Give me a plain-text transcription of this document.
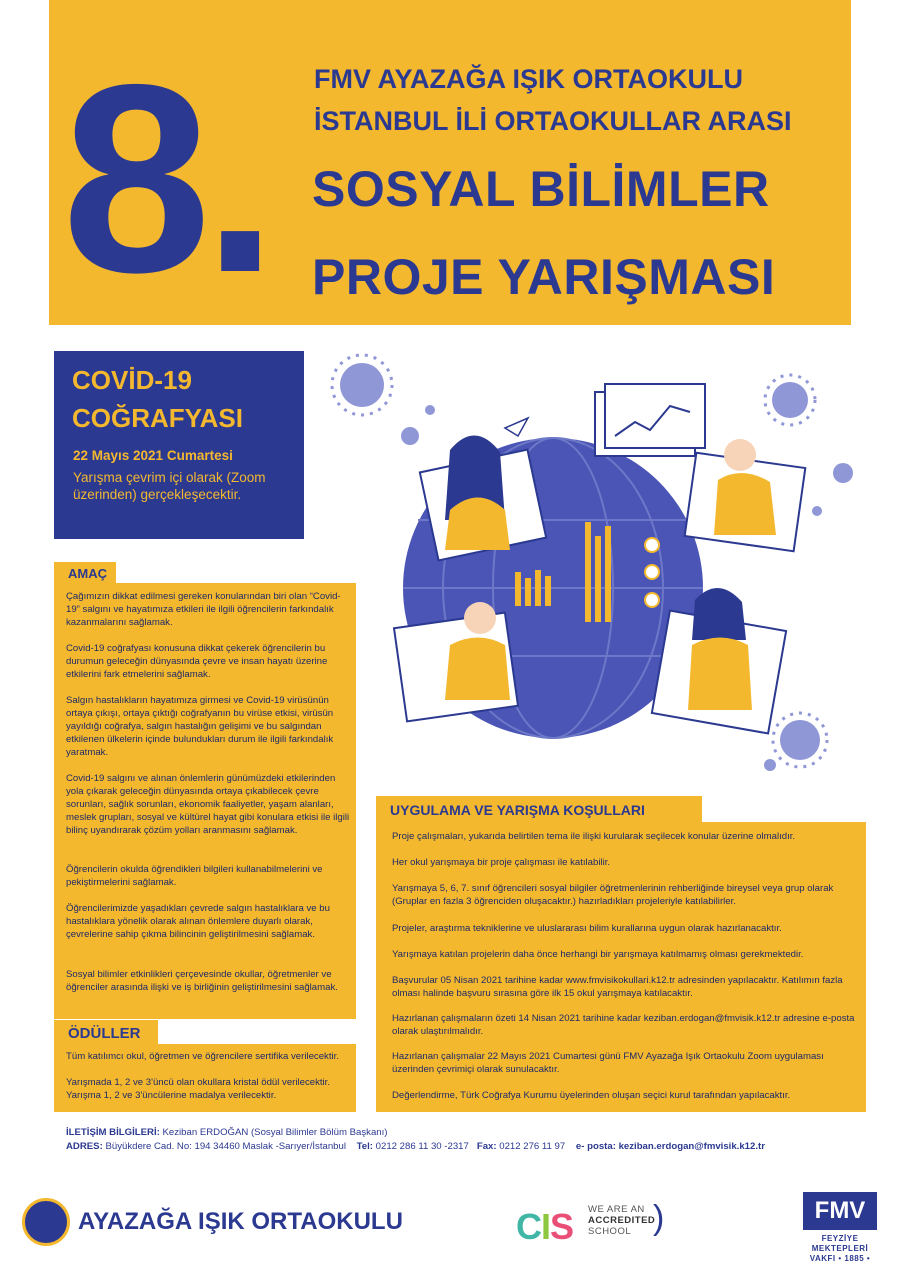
8. FMV AYAZAĞA IŞIK ORTAOKULU
İSTANBUL İLİ ORTAOKULLAR ARASI
SOSYAL BİLİMLER
PROJE YARIŞMASI
COVİD-19
COĞRAFYASI
22 Mayıs 2021 Cumartesi
Yarışma çevrim içi olarak (Zoom üzerinden) gerçekleşecektir.
AMAÇ
Çağımızın dikkat edilmesi gereken konularından biri olan “Covid-19” salgını ve hayatımıza etkileri ile ilgili öğrencilerin farkındalık kazanmalarını sağlamak.
Covid-19 coğrafyası konusuna dikkat çekerek öğrencilerin bu durumun geleceğin dünyasında çevre ve insan hayatı üzerine etkilerini fark etmelerini sağlamak.
Salgın hastalıkların hayatımıza girmesi ve Covid-19 virüsünün ortaya çıkışı, ortaya çıktığı coğrafyanın bu virüse etkisi, virüsün yayıldığı coğrafya, salgın hastalığın gelişimi ve bu salgından etkilenen ülkelerin içinde bulundukları durum ile ilgili farkındalık yaratmak.
Covid-19 salgını ve alınan önlemlerin günümüzdeki etkilerinden yola çıkarak geleceğin dünyasında ortaya çıkabilecek çevre sorunları, sağlık sorunları, ekonomik faaliyetler, yaşam alanları, meslek grupları, sosyal ve kültürel hayat gibi konulara etkisi ile ilgili bilinç uyandırarak çözüm yolları aranmasını sağlamak.
Öğrencilerin okulda öğrendikleri bilgileri kullanabilmelerini ve pekiştirmelerini sağlamak.
Öğrencilerimizde yaşadıkları çevrede salgın hastalıklara ve bu hastalıklara yönelik olarak alınan önlemlere duyarlı olarak, çevrelerine sahip çıkma bilincinin geliştirilmesini sağlamak.
Sosyal bilimler etkinlikleri çerçevesinde okullar, öğretmenler ve öğrenciler arasında ilişki ve iş birliğinin geliştirilmesini sağlamak.
ÖDÜLLER
Tüm katılımcı okul, öğretmen ve öğrencilere sertifika verilecektir.
Yarışmada 1, 2 ve 3'üncü olan okullara kristal ödül verilecektir.
Yarışma 1, 2 ve 3'üncülerine madalya verilecektir.
UYGULAMA VE YARIŞMA KOŞULLARI
Proje çalışmaları, yukarıda belirtilen tema ile ilişki kurularak seçilecek konular üzerine olmalıdır.
Her okul yarışmaya bir proje çalışması ile katılabilir.
Yarışmaya 5, 6, 7. sınıf öğrencileri sosyal bilgiler öğretmenlerinin rehberliğinde bireysel veya grup olarak (Gruplar en fazla 3 öğrenciden oluşacaktır.) hazırladıkları projeleriyle katılabilirler.
Projeler, araştırma tekniklerine ve uluslararası bilim kurallarına uygun olarak hazırlanacaktır.
Yarışmaya katılan projelerin daha önce herhangi bir yarışmaya katılmamış olması gerekmektedir.
Başvurular 05 Nisan 2021 tarihine kadar www.fmvisikokullari.k12.tr adresinden yapılacaktır. Katılımın fazla olması halinde başvuru sırasına göre ilk 15 okul yarışmaya katılacaktır.
Hazırlanan çalışmaların özeti 14 Nisan 2021 tarihine kadar keziban.erdogan@fmvisik.k12.tr adresine e-posta olarak ulaştırılmalıdır.
Hazırlanan çalışmalar 22 Mayıs 2021 Cumartesi günü FMV Ayazağa Işık Ortaokulu Zoom uygulaması üzerinden çevrimiçi olarak sunulacaktır.
Değerlendirme, Türk Coğrafya Kurumu üyelerinden oluşan seçici kurul tarafından yapılacaktır.
İLETİŞİM BİLGİLERİ: Keziban ERDOĞAN (Sosyal Bilimler Bölüm Başkanı)
ADRES: Büyükdere Cad. No: 194 34460 Maslak -Sarıyer/İstanbul Tel: 0212 286 11 30 -2317 Fax: 0212 276 11 97 e- posta: keziban.erdogan@fmvisik.k12.tr
AYAZAĞA IŞIK ORTAOKULU	CIS WE ARE AN
ACCREDITED
SCHOOL )	FMV
FEYZİYE
MEKTEPLERİ
VAKFI • 1885 •
